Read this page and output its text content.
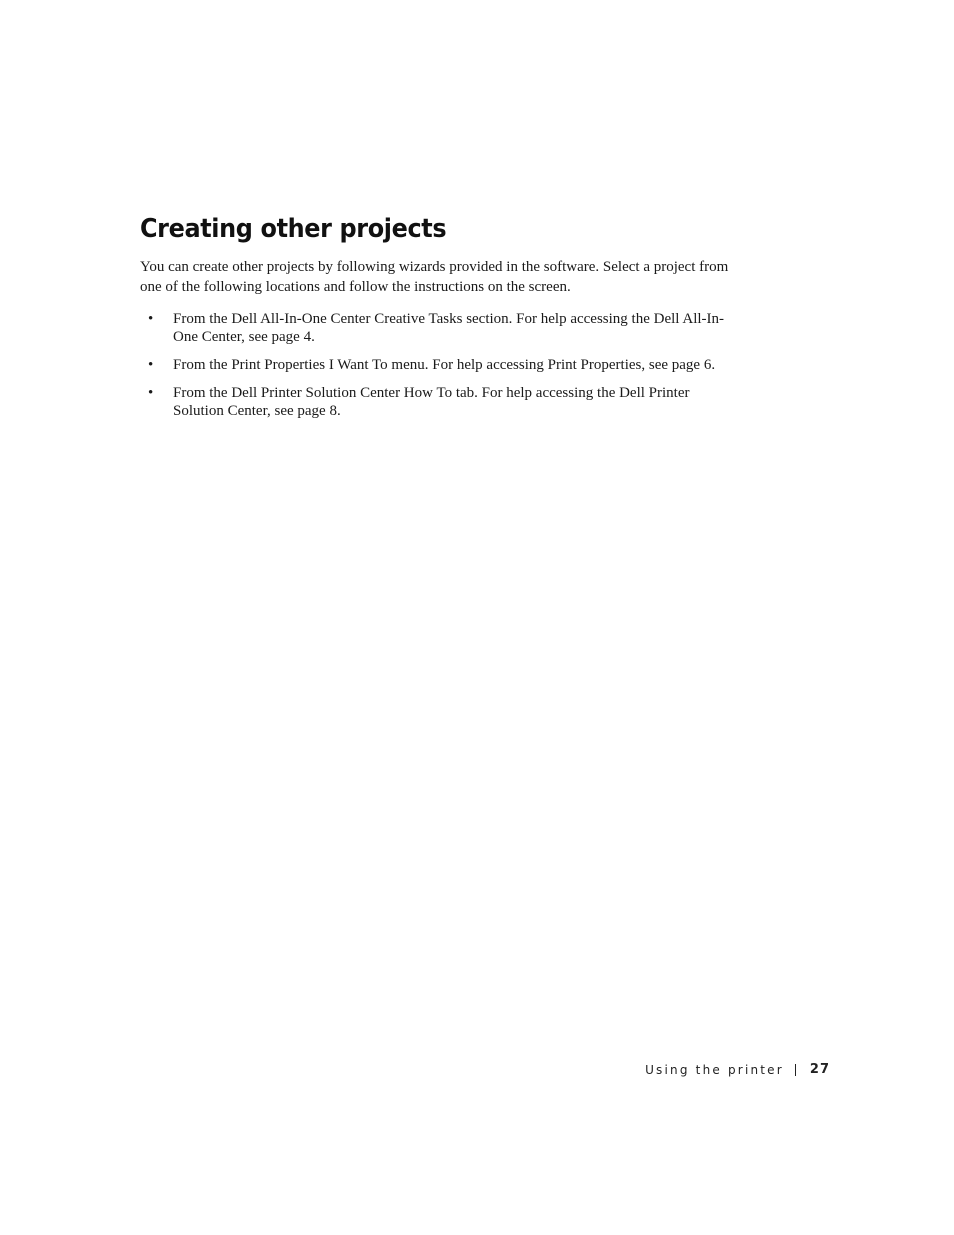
Creating other projects

You can create other projects by following wizards provided in the software. Select a project from one of the following locations and follow the instructions on the screen.

• From the Dell All-In-One Center Creative Tasks section. For help accessing the Dell All-In-One Center, see page 4.
• From the Print Properties I Want To menu. For help accessing Print Properties, see page 6.
• From the Dell Printer Solution Center How To tab. For help accessing the Dell Printer Solution Center, see page 8.
Using the printer 27
